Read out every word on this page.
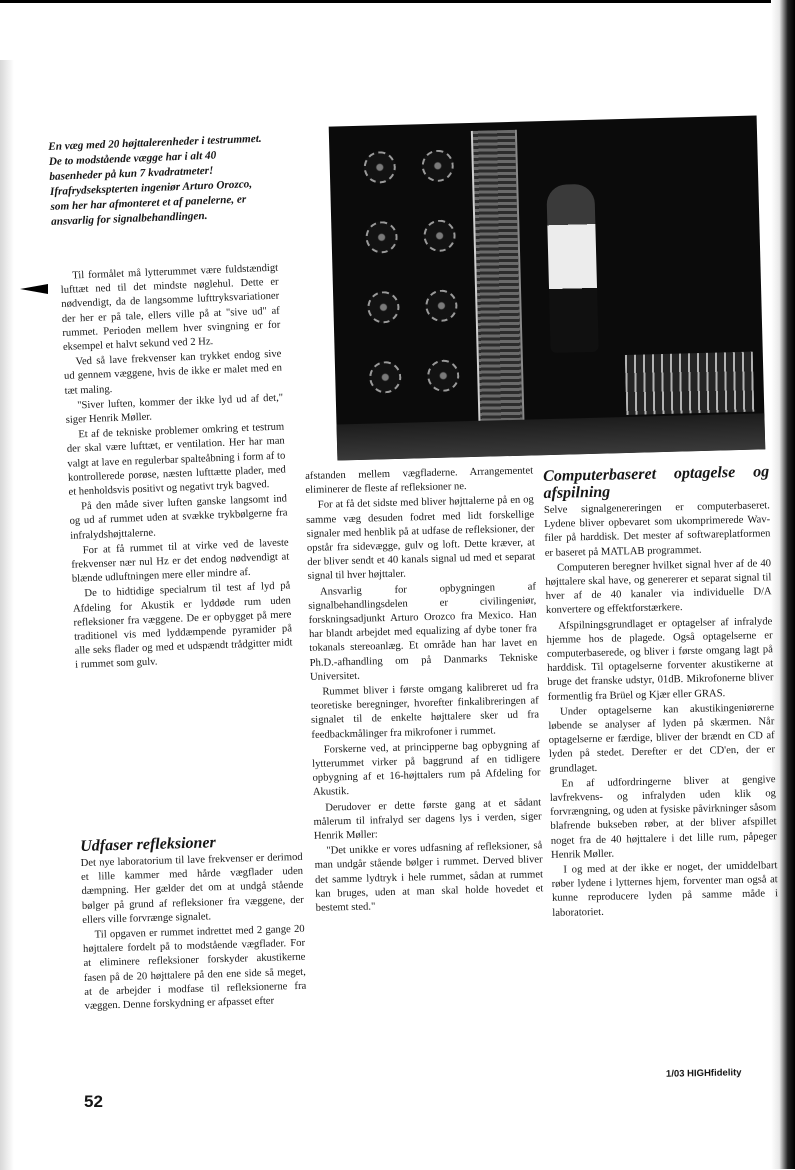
En væg med 20 højttalerenheder i testrummet. De to modstående vægge har i alt 40 basenheder på kun 7 kvadratmeter! Ifrafrydsekspterten ingeniør Arturo Orozco, som her har afmonteret et af panelerne, er ansvarlig for signalbehandlingen.

Til formålet må lytterummet være fuldstændigt lufttæt ned til det mindste nøglehul. Dette er nødvendigt, da de langsomme lufttryksvariationer der her er på tale, ellers ville på at "sive ud" af rummet. Perioden mellem hver svingning er for eksempel et halvt sekund ved 2 Hz.

Ved så lave frekvenser kan trykket endog sive ud gennem væggene, hvis de ikke er malet med en tæt maling.

"Siver luften, kommer der ikke lyd ud af det," siger Henrik Møller.

Et af de tekniske problemer omkring et testrum der skal være lufttæt, er ventilation. Her har man valgt at lave en regulerbar spalteåbning i form af to kontrollerede porøse, næsten lufttætte plader, med et henholdsvis positivt og negativt tryk bagved.

På den måde siver luften ganske langsomt ind og ud af rummet uden at svække trykbølgerne fra infralydshøjttalerne.

For at få rummet til at virke ved de laveste frekvenser nær nul Hz er det endog nødvendigt at blænde udluftningen mere eller mindre af.

De to hidtidige specialrum til test af lyd på Afdeling for Akustik er lyddøde rum uden refleksioner fra væggene. De er opbygget på mere traditionel vis med lyddæmpende pyramider på alle seks flader og med et udspændt trådgitter midt i rummet som gulv.

Udfaser refleksioner

Det nye laboratorium til lave frekvenser er derimod et lille kammer med hårde vægflader uden dæmpning. Her gælder det om at undgå stående bølger på grund af refleksioner fra væggene, der ellers ville forvrænge signalet.

Til opgaven er rummet indrettet med 2 gange 20 højttalere fordelt på to modstående vægflader. For at eliminere refleksioner forskyder akustikerne fasen på de 20 højttalere på den ene side så meget, at de arbejder i modfase til refleksionerne fra væggen. Denne forskydning er afpasset efter

afstanden mellem vægfladerne. Arrangementet eliminerer de fleste af refleksioner ne.

For at få det sidste med bliver højttalerne på en og samme væg desuden fodret med lidt forskellige signaler med henblik på at udfase de refleksioner, der opstår fra sidevægge, gulv og loft. Dette kræver, at der bliver sendt et 40 kanals signal ud med et separat signal til hver højttaler.

Ansvarlig for opbygningen af signalbehandlingsdelen er civilingeniør, forskningsadjunkt Arturo Orozco fra Mexico. Han har blandt arbejdet med equalizing af dybe toner fra tokanals stereoanlæg. Et område han har lavet en Ph.D.-afhandling om på Danmarks Tekniske Universitet.

Rummet bliver i første omgang kalibreret ud fra teoretiske beregninger, hvorefter finkalibreringen af signalet til de enkelte højttalere sker ud fra feedbackmålinger fra mikrofoner i rummet.

Forskerne ved, at principperne bag opbygning af lytterummet virker på baggrund af en tidligere opbygning af et 16-højttalers rum på Afdeling for Akustik.

Derudover er dette første gang at et sådant målerum til infralyd ser dagens lys i verden, siger Henrik Møller:

"Det unikke er vores udfasning af refleksioner, så man undgår stående bølger i rummet. Derved bliver det samme lydtryk i hele rummet, sådan at rummet kan bruges, uden at man skal holde hovedet et bestemt sted."

Computerbaseret optagelse og afspilning

Selve signalgenereringen er computerbaseret. Lydene bliver opbevaret som ukomprimerede Wav-filer på harddisk. Det mester af softwareplatformen er baseret på MATLAB programmet.

Computeren beregner hvilket signal hver af de 40 højttalere skal have, og genererer et separat signal til hver af de 40 kanaler via individuelle D/A konvertere og effektforstærkere.

Afspilningsgrundlaget er optagelser af infralyde hjemme hos de plagede. Også optagelserne er computerbaserede, og bliver i første omgang lagt på harddisk. Til optagelserne forventer akustikerne at bruge det franske udstyr, 01dB. Mikrofonerne bliver formentlig fra Brüel og Kjær eller GRAS.

Under optagelserne kan akustikingeniørerne løbende se analyser af lyden på skærmen. Når optagelserne er færdige, bliver der brændt en CD af lyden på stedet. Derefter er det CD'en, der er grundlaget.

En af udfordringerne bliver at gengive lavfrekvens- og infralyden uden klik og forvrængning, og uden at fysiske påvirkninger såsom blafrende bukseben røber, at der bliver afspillet noget fra de 40 højttalere i det lille rum, påpeger Henrik Møller.

I og med at der ikke er noget, der umiddelbart røber lydene i lytternes hjem, forventer man også at kunne reproducere lyden på samme måde i laboratoriet.

52
1/03 HIGHfidelity
